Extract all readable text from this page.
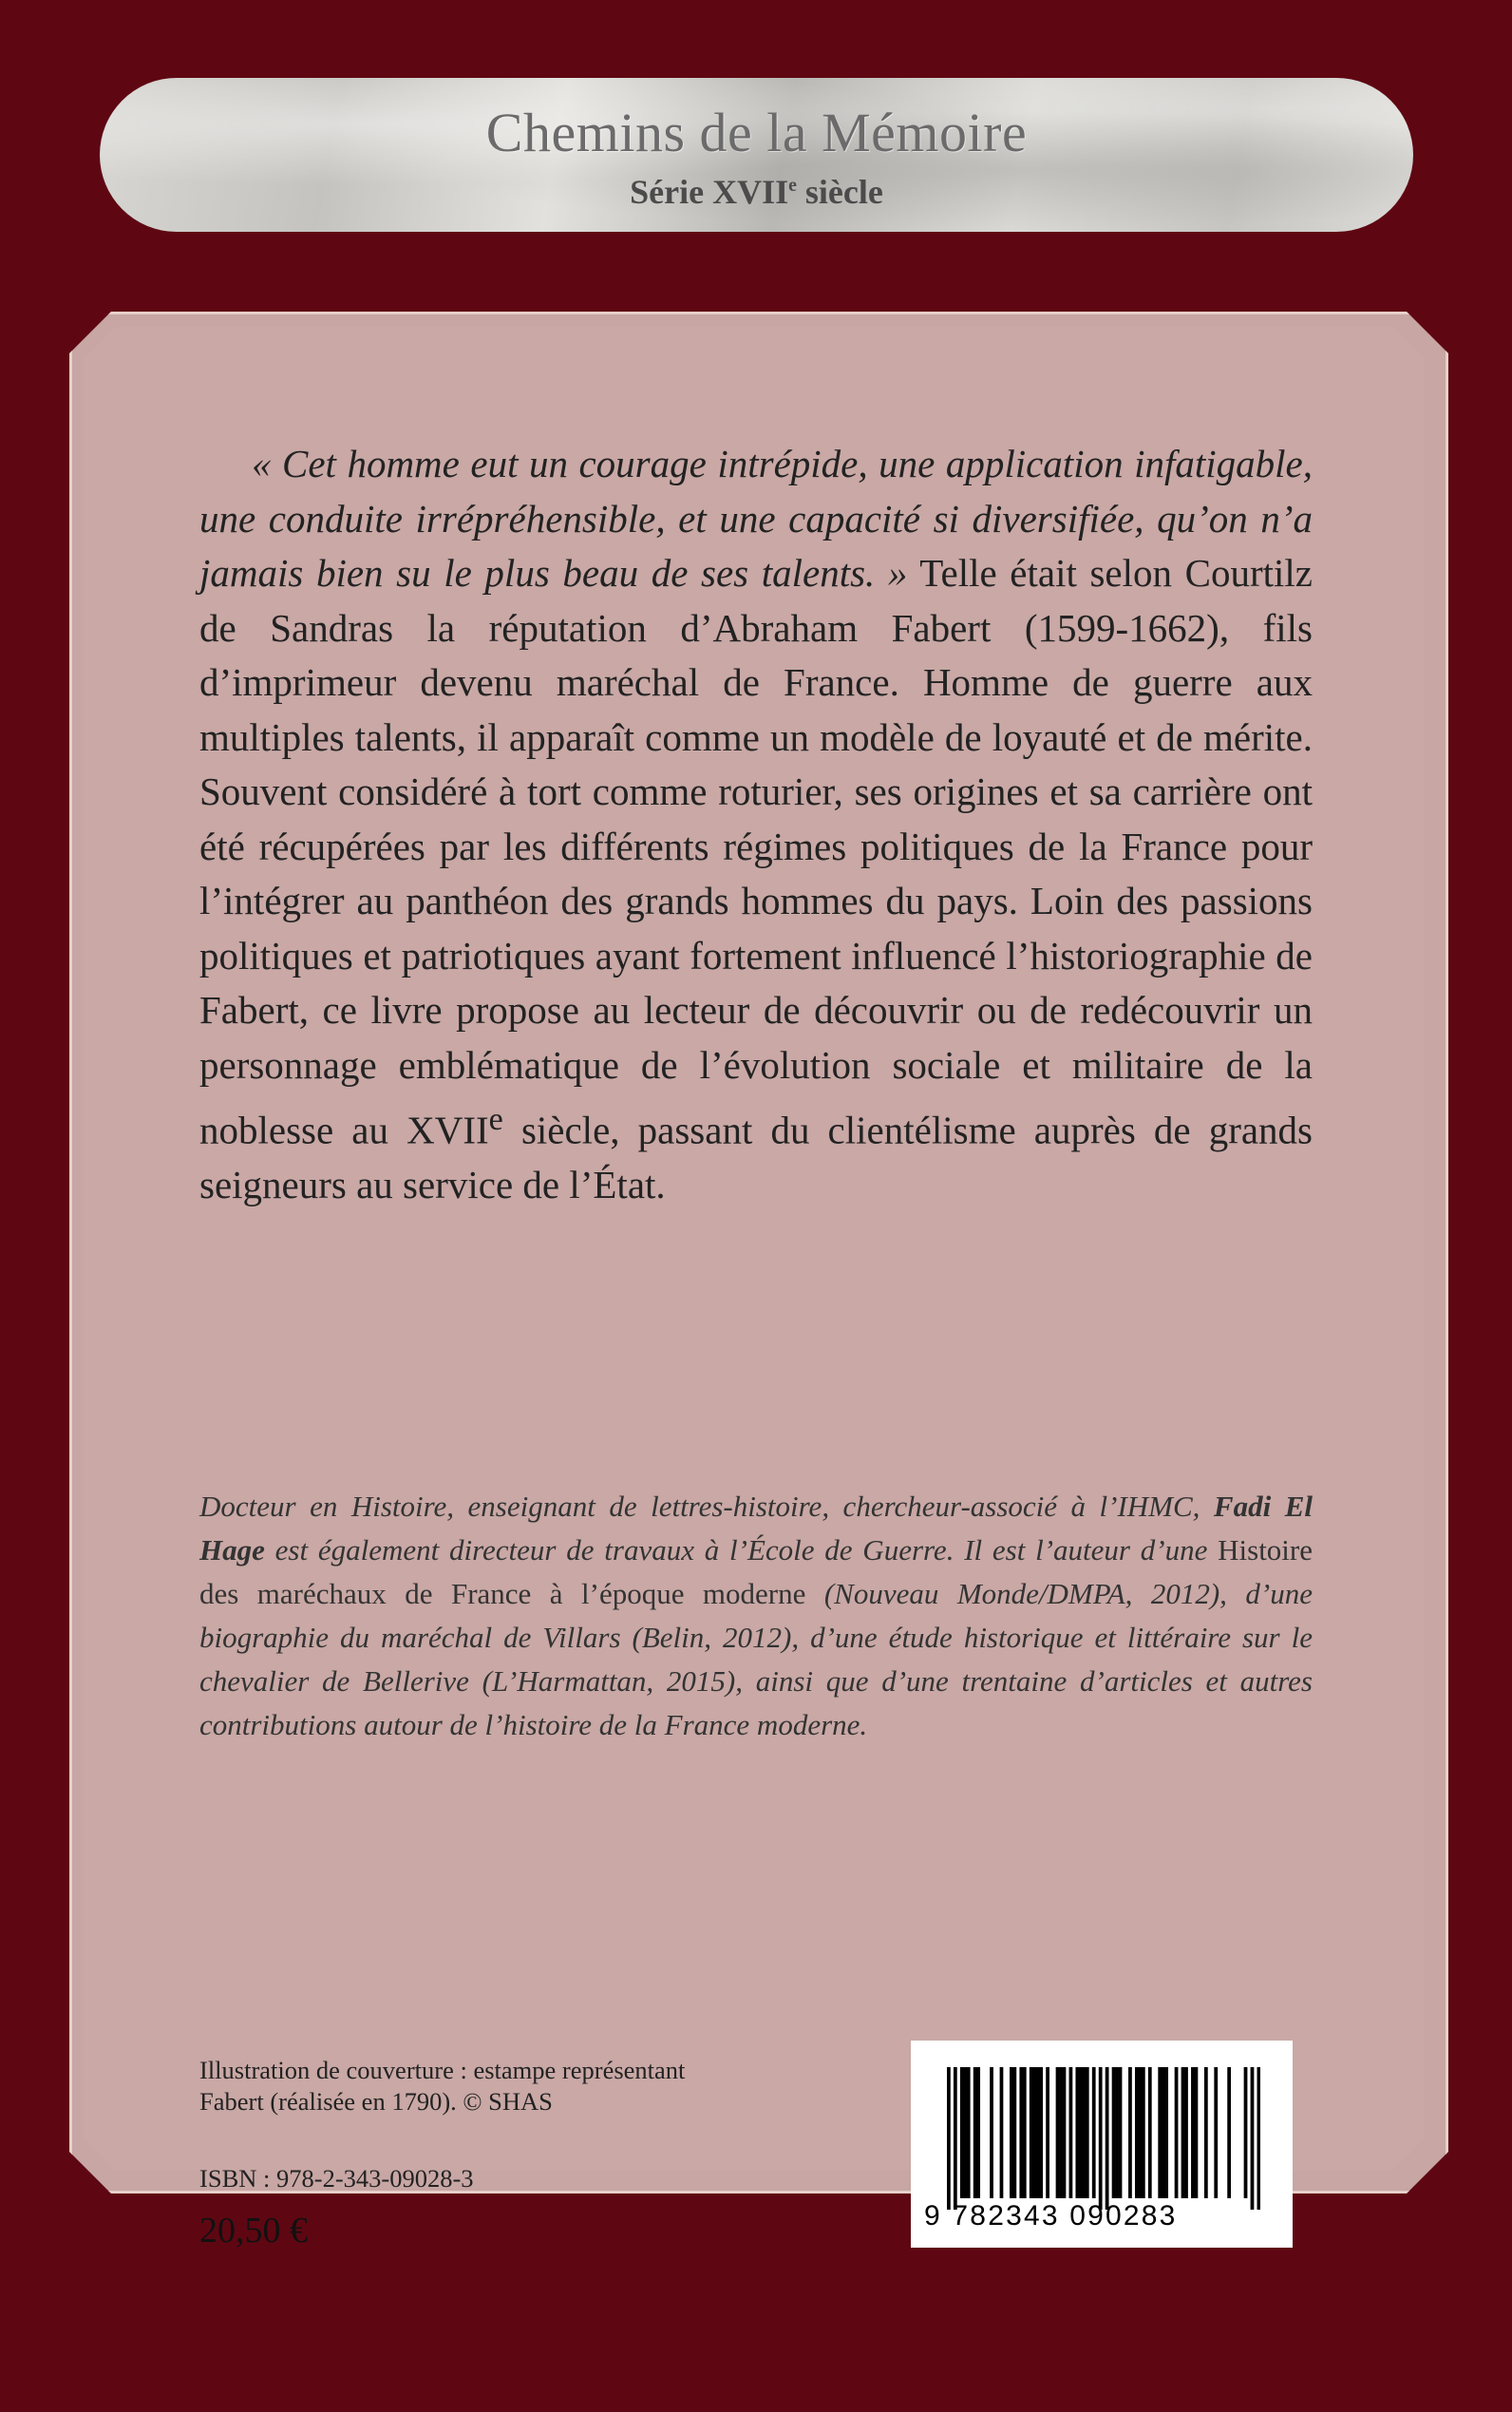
Chemins de la Mémoire
Série XVIIe siècle
« Cet homme eut un courage intrépide, une application infatigable, une conduite irrépréhensible, et une capacité si diversifiée, qu’on n’a jamais bien su le plus beau de ses talents. » Telle était selon Courtilz de Sandras la réputation d’Abraham Fabert (1599-1662), fils d’imprimeur devenu maréchal de France. Homme de guerre aux multiples talents, il apparaît comme un modèle de loyauté et de mérite. Souvent considéré à tort comme roturier, ses origines et sa carrière ont été récupérées par les différents régimes politiques de la France pour l’intégrer au panthéon des grands hommes du pays. Loin des passions politiques et patriotiques ayant fortement influencé l’historiographie de Fabert, ce livre propose au lecteur de découvrir ou de redécouvrir un personnage emblématique de l’évolution sociale et militaire de la noblesse au XVIIe siècle, passant du clientélisme auprès de grands seigneurs au service de l’État.
Docteur en Histoire, enseignant de lettres-histoire, chercheur-associé à l’IHMC, Fadi El Hage est également directeur de travaux à l’École de Guerre. Il est l’auteur d’une Histoire des maréchaux de France à l’époque moderne (Nouveau Monde/DMPA, 2012), d’une biographie du maréchal de Villars (Belin, 2012), d’une étude historique et littéraire sur le chevalier de Bellerive (L’Harmattan, 2015), ainsi que d’une trentaine d’articles et autres contributions autour de l’histoire de la France moderne.
Illustration de couverture : estampe représentant
Fabert (réalisée en 1790). © SHAS
ISBN : 978-2-343-09028-3
20,50 €	9 782343 090283
